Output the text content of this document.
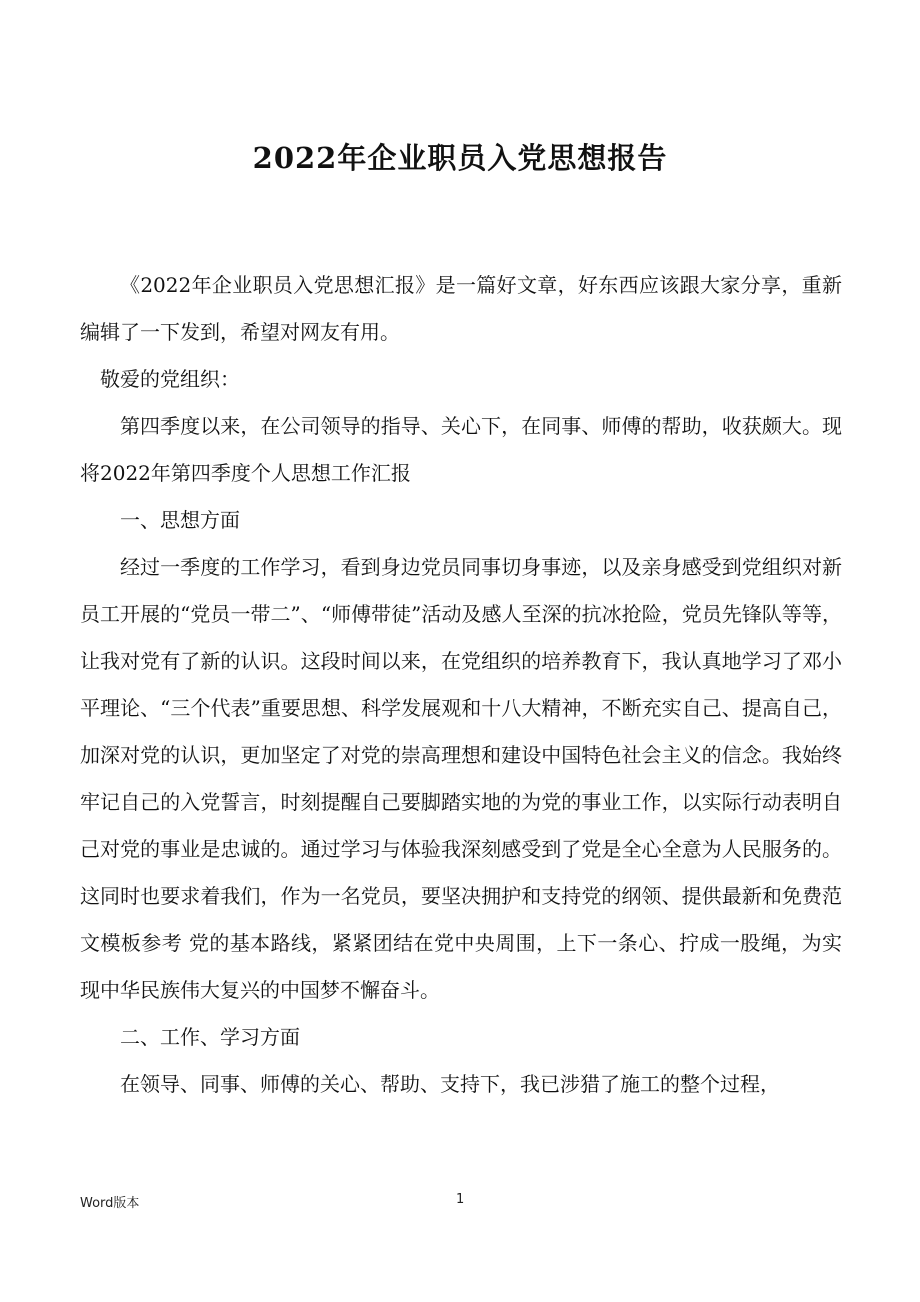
2022年企业职员入党思想报告

《2022年企业职员入党思想汇报》是一篇好文章，好东西应该跟大家分享，重新编辑了一下发到，希望对网友有用。

敬爱的党组织：

第四季度以来，在公司领导的指导、关心下，在同事、师傅的帮助，收获颇大。现将2022年第四季度个人思想工作汇报

一、思想方面

经过一季度的工作学习，看到身边党员同事切身事迹，以及亲身感受到党组织对新员工开展的“党员一带二”、“师傅带徒”活动及感人至深的抗冰抢险，党员先锋队等等，让我对党有了新的认识。这段时间以来，在党组织的培养教育下，我认真地学习了邓小平理论、“三个代表”重要思想、科学发展观和十八大精神，不断充实自己、提高自己，加深对党的认识，更加坚定了对党的崇高理想和建设中国特色社会主义的信念。我始终牢记自己的入党誓言，时刻提醒自己要脚踏实地的为党的事业工作，以实际行动表明自己对党的事业是忠诚的。通过学习与体验我深刻感受到了党是全心全意为人民服务的。这同时也要求着我们，作为一名党员，要坚决拥护和支持党的纲领、提供最新和免费范文模板参考 党的基本路线，紧紧团结在党中央周围，上下一条心、拧成一股绳，为实现中华民族伟大复兴的中国梦不懈奋斗。

二、工作、学习方面

在领导、同事、师傅的关心、帮助、支持下，我已涉猎了施工的整个过程，

Word版本	1
